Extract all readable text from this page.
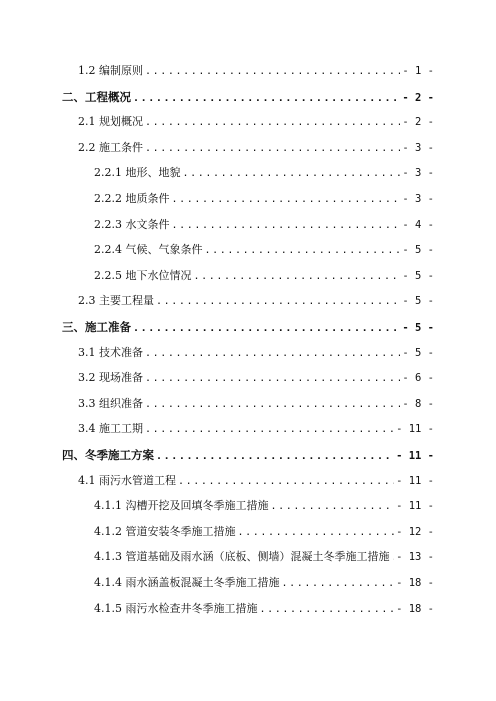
1.2 编制原则 .....	- 1 -
二、工程概况 .....	- 2 -
2.1 规划概况 .....	- 2 -
2.2 施工条件 .....	- 3 -
2.2.1 地形、地貌 .....	- 3 -
2.2.2 地质条件 .....	- 3 -
2.2.3 水文条件 .....	- 4 -
2.2.4 气候、气象条件 .....	- 5 -
2.2.5 地下水位情况 .....	- 5 -
2.3 主要工程量 .....	- 5 -
三、施工准备 .....	- 5 -
3.1 技术准备 .....	- 5 -
3.2 现场准备 .....	- 6 -
3.3 组织准备 .....	- 8 -
3.4 施工工期 .....	- 11 -
四、冬季施工方案 .....	- 11 -
4.1 雨污水管道工程 .....	- 11 -
4.1.1 沟槽开挖及回填冬季施工措施 .....	- 11 -
4.1.2 管道安装冬季施工措施 .....	- 12 -
4.1.3 管道基础及雨水涵（底板、侧墙）混凝土冬季施工措施 ..... - 13 -
4.1.4 雨水涵盖板混凝土冬季施工措施 .....	- 18 -
4.1.5 雨污水检查井冬季施工措施 .....	- 18 -
